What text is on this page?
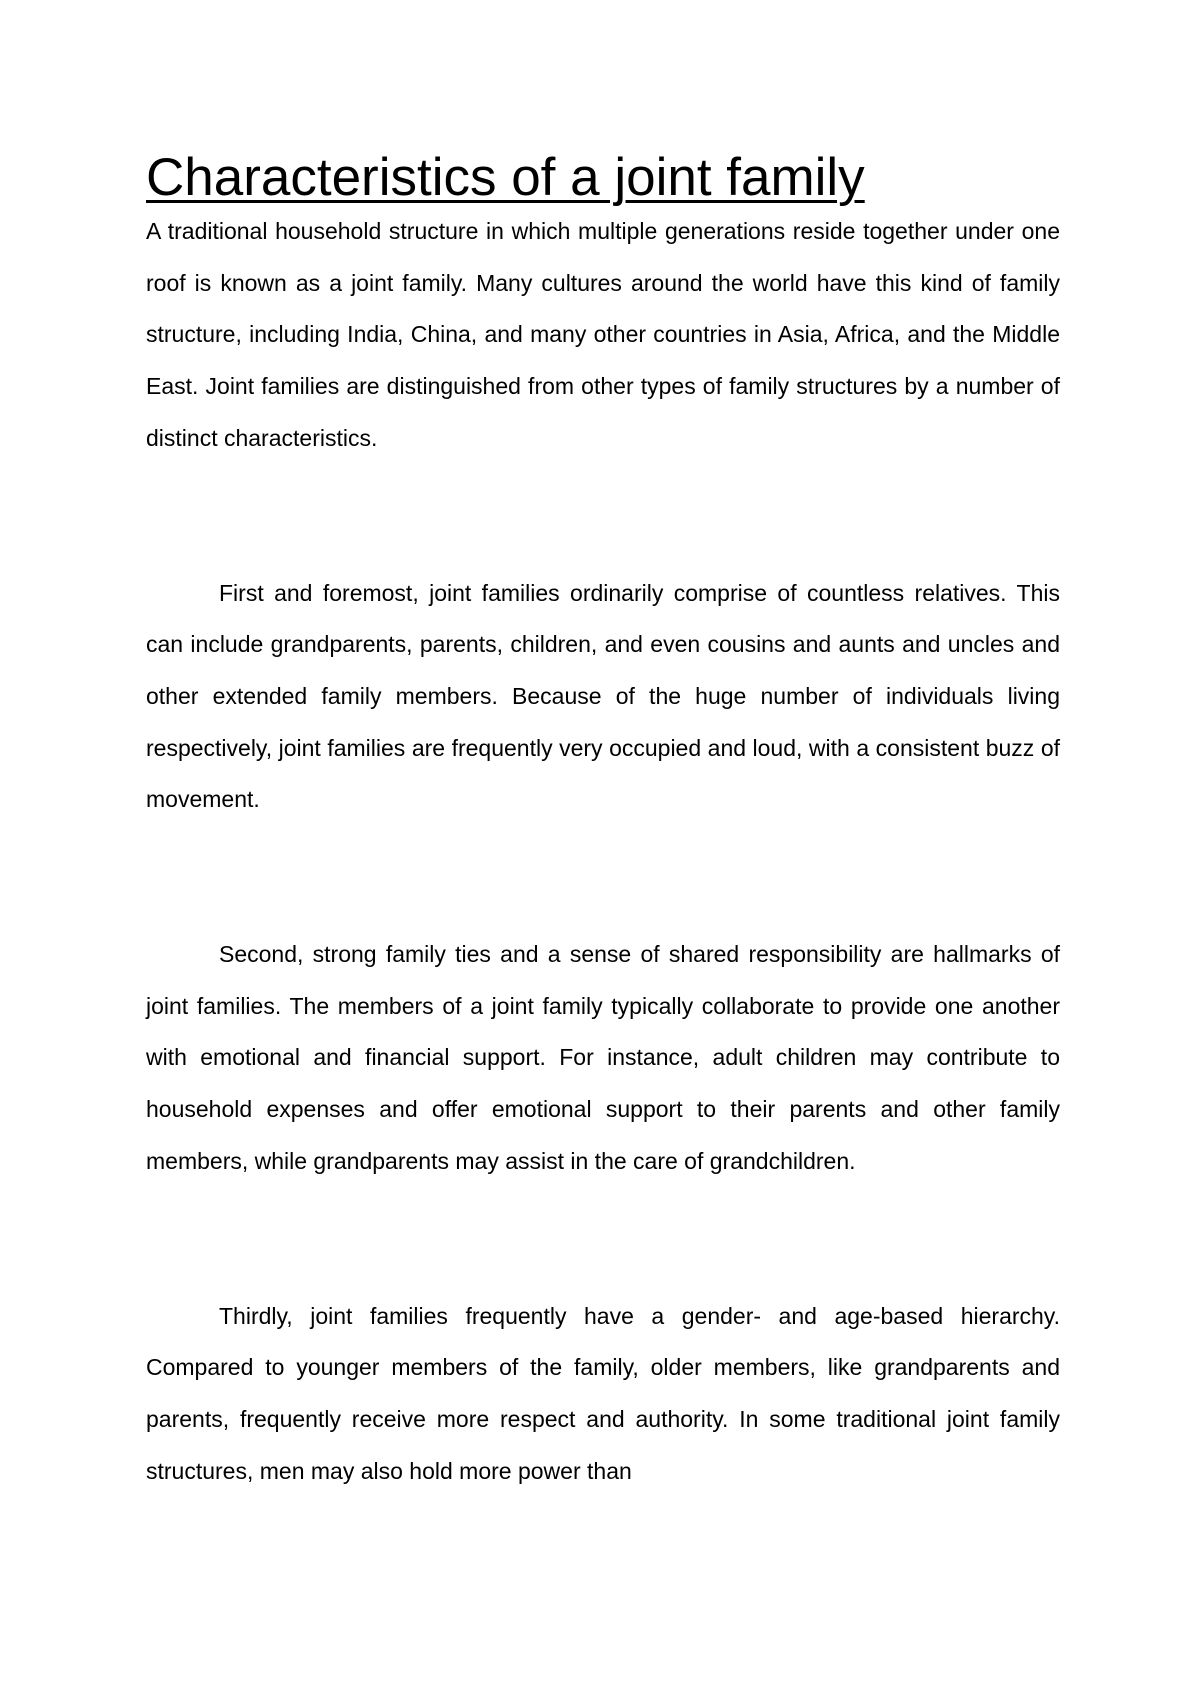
Characteristics of a joint family

A traditional household structure in which multiple generations reside together under one roof is known as a joint family. Many cultures around the world have this kind of family structure, including India, China, and many other countries in Asia, Africa, and the Middle East. Joint families are distinguished from other types of family structures by a number of distinct characteristics.

First and foremost, joint families ordinarily comprise of countless relatives. This can include grandparents, parents, children, and even cousins and aunts and uncles and other extended family members. Because of the huge number of individuals living respectively, joint families are frequently very occupied and loud, with a consistent buzz of movement.

Second, strong family ties and a sense of shared responsibility are hallmarks of joint families. The members of a joint family typically collaborate to provide one another with emotional and financial support. For instance, adult children may contribute to household expenses and offer emotional support to their parents and other family members, while grandparents may assist in the care of grandchildren.

Thirdly, joint families frequently have a gender- and age-based hierarchy. Compared to younger members of the family, older members, like grandparents and parents, frequently receive more respect and authority. In some traditional joint family structures, men may also hold more power than
